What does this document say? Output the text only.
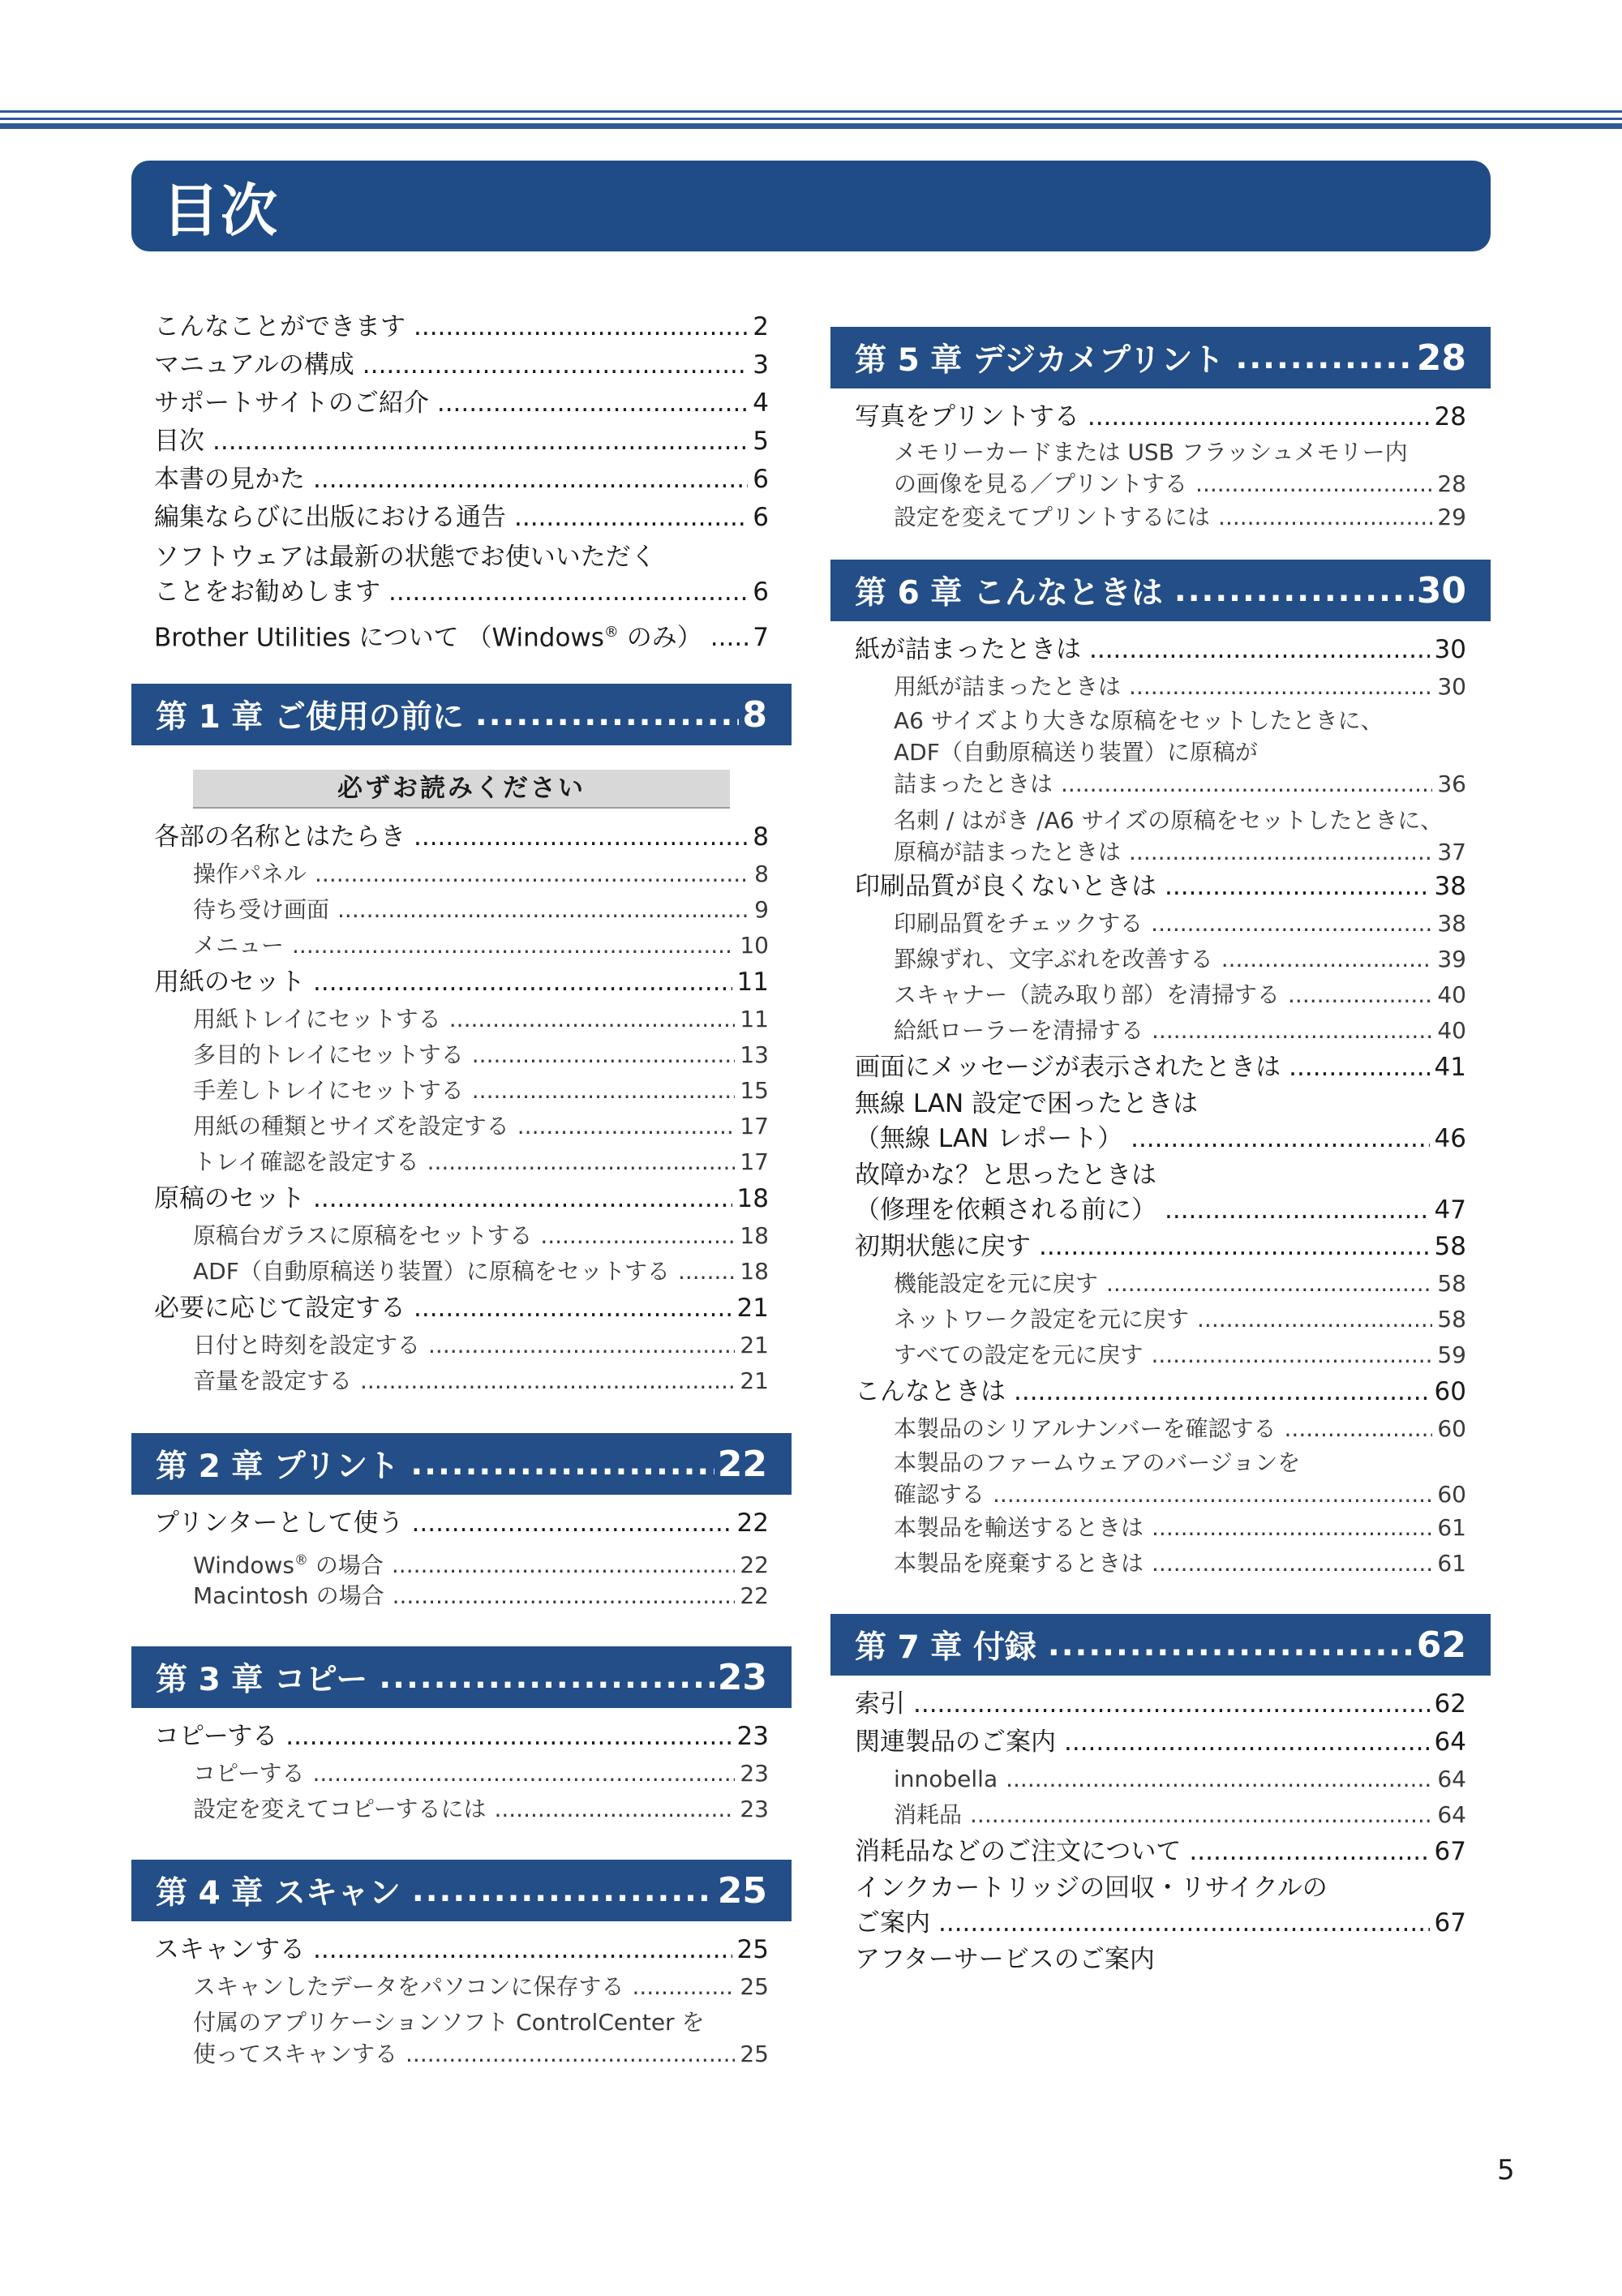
目次
こんなことができます .....	2
マニュアルの構成 .....	3
サポートサイトのご紹介 .....	4
目次 .....	5
本書の見かた .....	6
編集ならびに出版における通告 .....	6
ソフトウェアは最新の状態でお使いいただく
ことをお勧めします .....	6
Brother Utilities について （Windows® のみ） ..... 7
第 1 章 ご使用の前に .....	8
必ずお読みください
各部の名称とはたらき .....	8
操作パネル .....	8
待ち受け画面 .....	9
メニュー .....	10
用紙のセット .....	11
用紙トレイにセットする .....	11
多目的トレイにセットする .....	13
手差しトレイにセットする .....	15
用紙の種類とサイズを設定する .....	17
トレイ確認を設定する .....	17
原稿のセット .....	18
原稿台ガラスに原稿をセットする .....	18
ADF（自動原稿送り装置）に原稿をセットする .....	18
必要に応じて設定する .....	21
日付と時刻を設定する .....	21
音量を設定する .....	21
第 2 章 プリント .....	22
プリンターとして使う .....	22
Windows® の場合 .....	22
Macintosh の場合 .....	22
第 3 章 コピー .....	23
コピーする .....	23
コピーする .....	23
設定を変えてコピーするには .....	23
第 4 章 スキャン .....	25
スキャンする .....	25
スキャンしたデータをパソコンに保存する .....	25
付属のアプリケーションソフト ControlCenter を
使ってスキャンする .....	25
第 5 章 デジカメプリント .....	28
写真をプリントする .....	28
メモリーカードまたは USB フラッシュメモリー内
の画像を見る／プリントする .....	28
設定を変えてプリントするには .....	29
第 6 章 こんなときは .....	30
紙が詰まったときは .....	30
用紙が詰まったときは .....	30
A6 サイズより大きな原稿をセットしたときに、
ADF（自動原稿送り装置）に原稿が
詰まったときは .....	36
名刺 / はがき /A6 サイズの原稿をセットしたときに、
原稿が詰まったときは .....	37
印刷品質が良くないときは .....	38
印刷品質をチェックする .....	38
罫線ずれ、文字ぶれを改善する .....	39
スキャナー（読み取り部）を清掃する .....	40
給紙ローラーを清掃する .....	40
画面にメッセージが表示されたときは .....	41
無線 LAN 設定で困ったときは
（無線 LAN レポート） .....	46
故障かな？と思ったときは
（修理を依頼される前に） .....	47
初期状態に戻す .....	58
機能設定を元に戻す .....	58
ネットワーク設定を元に戻す .....	58
すべての設定を元に戻す .....	59
こんなときは .....	60
本製品のシリアルナンバーを確認する .....	60
本製品のファームウェアのバージョンを
確認する .....	60
本製品を輸送するときは .....	61
本製品を廃棄するときは .....	61
第 7 章 付録 .....	62
索引 .....	62
関連製品のご案内 .....	64
innobella .....	64
消耗品 .....	64
消耗品などのご注文について .....	67
インクカートリッジの回収・リサイクルの
ご案内 .....	67
アフターサービスのご案内
5
